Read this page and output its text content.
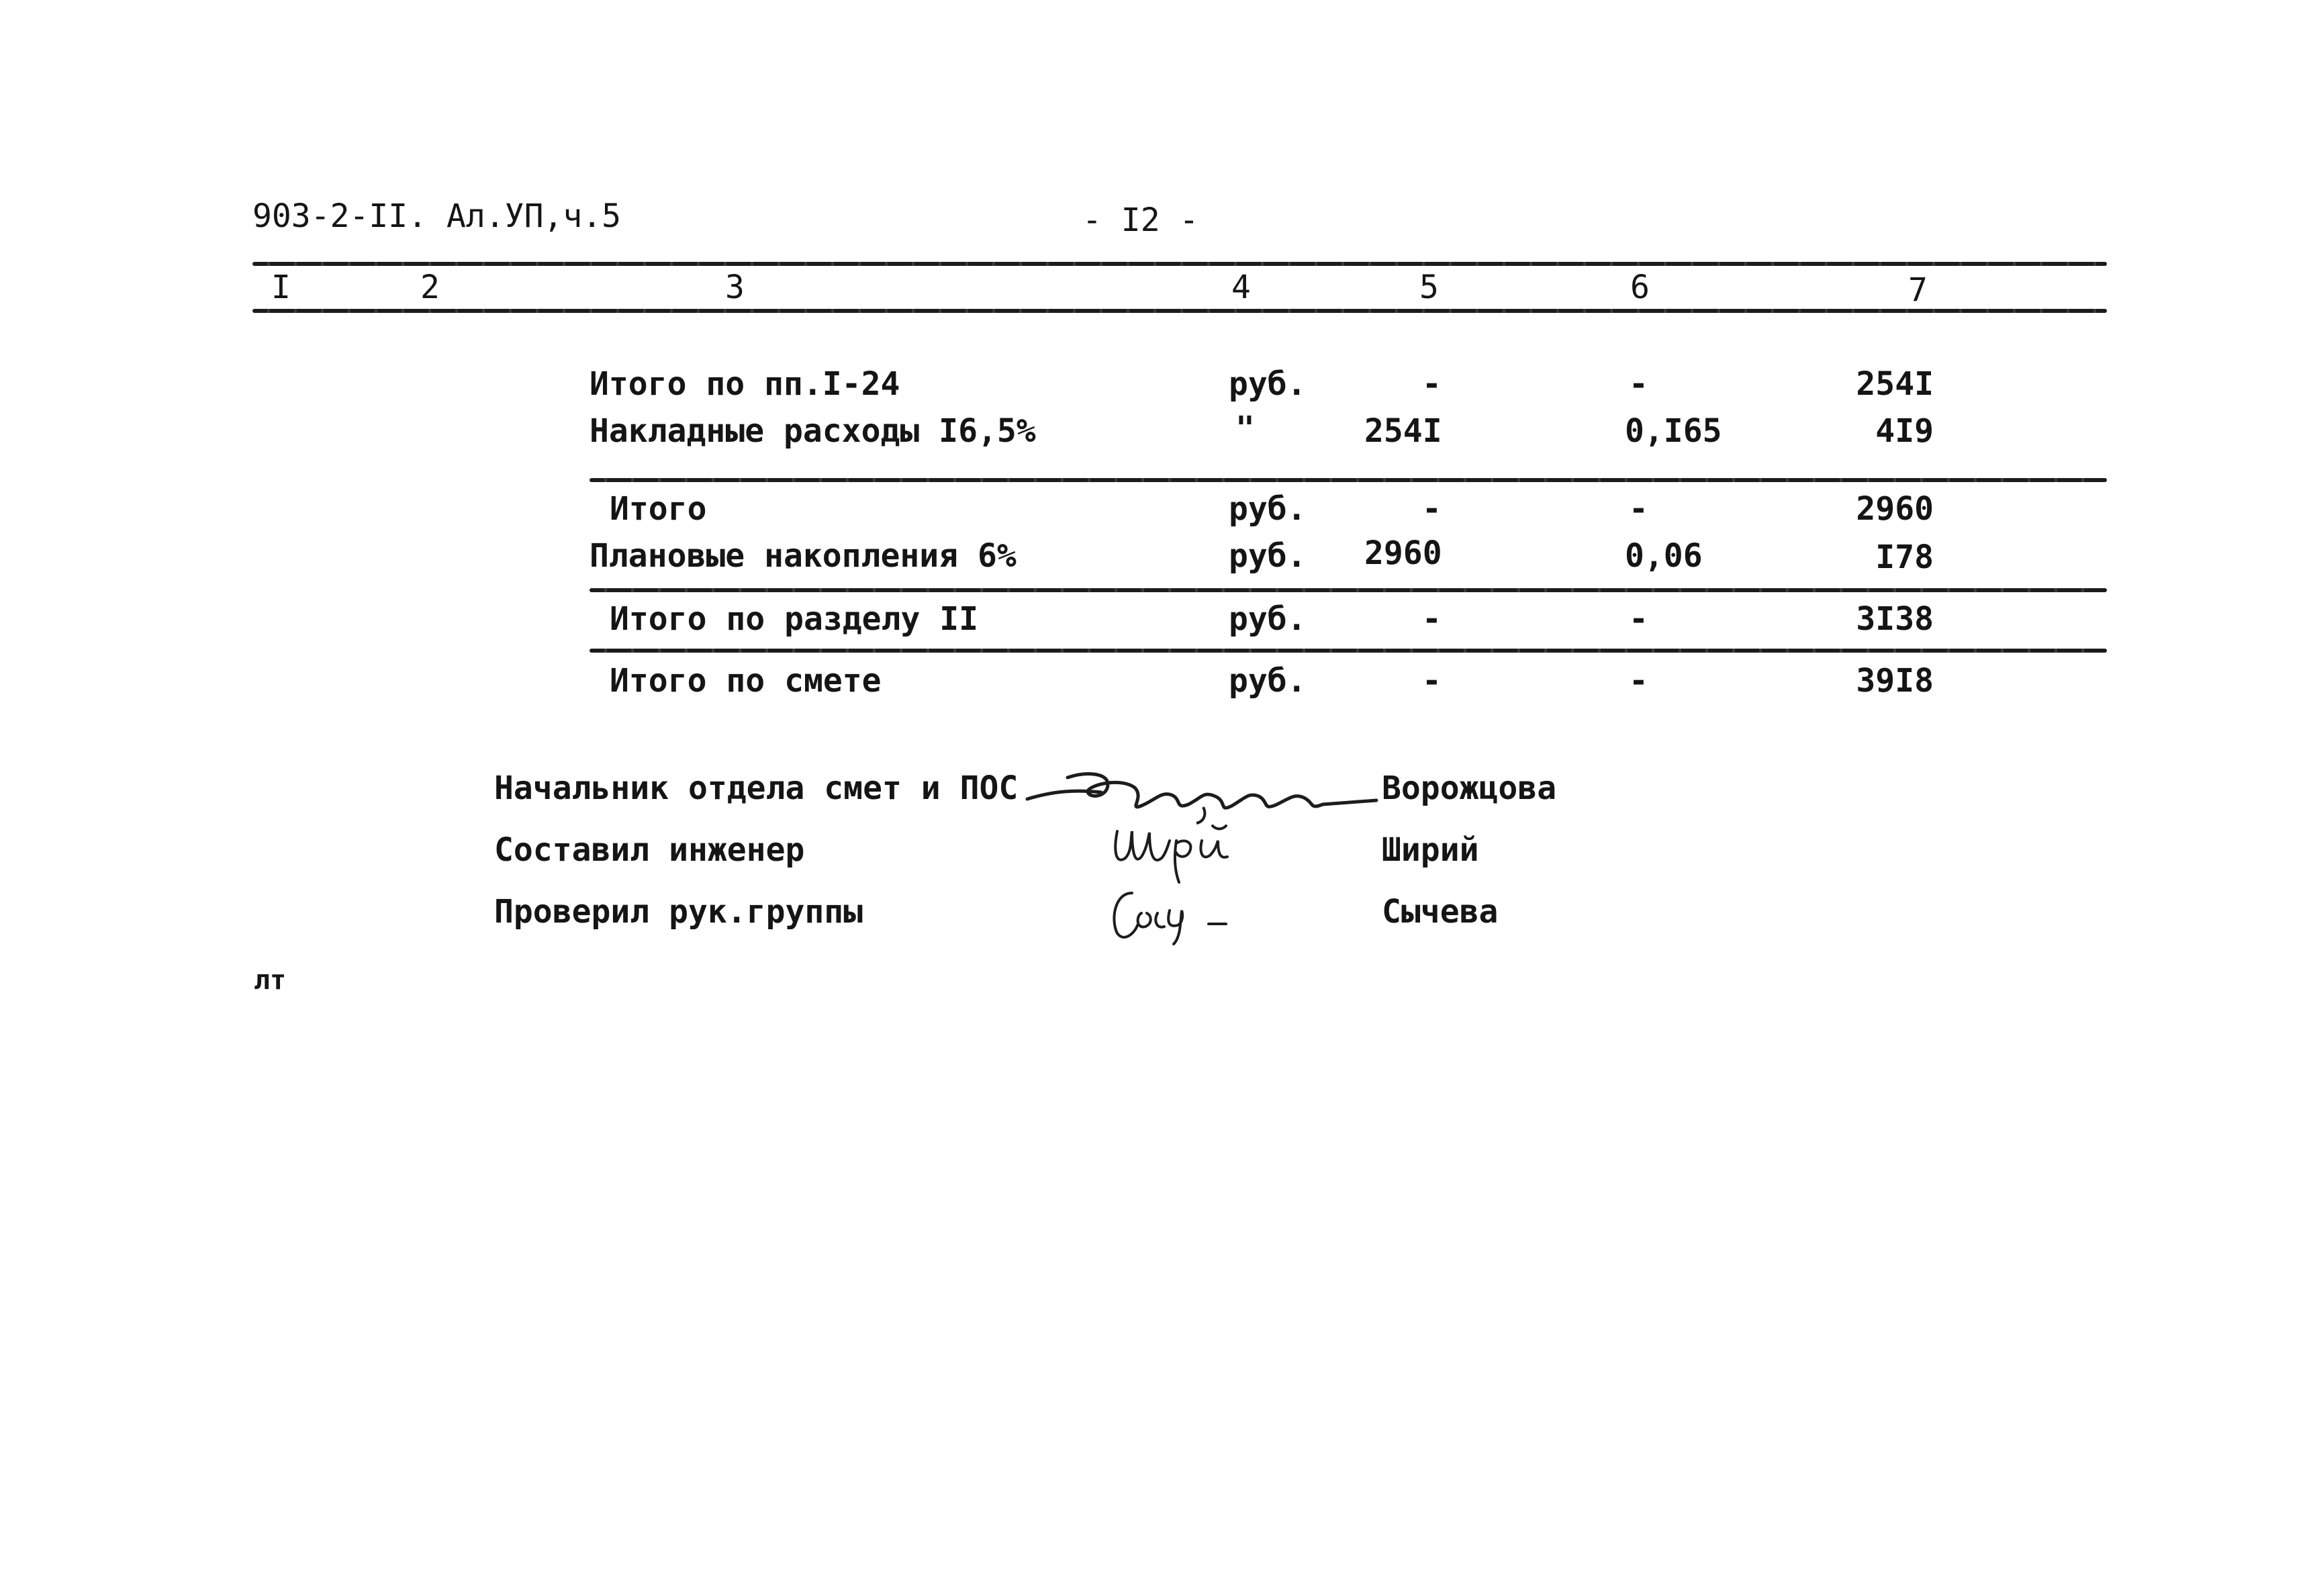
903-2-II. Ал.УП,ч.5	- I2 -
I	2	3	4	5	6	7
Итого по пп.I-24	руб.	-	-	254I
Накладные расходы I6,5%	"	254I	0,I65	4I9
Итого	руб.	-	-	2960
Плановые накопления 6%	руб. 2960	0,06	I78
Итого по разделу II	руб.	-	-	3I38
Итого по смете	руб.	-	-	39I8
Начальник отдела смет и ПОС	Ворожцова
Составил инженер	Ширий
Проверил рук.группы	Сычева
лт
